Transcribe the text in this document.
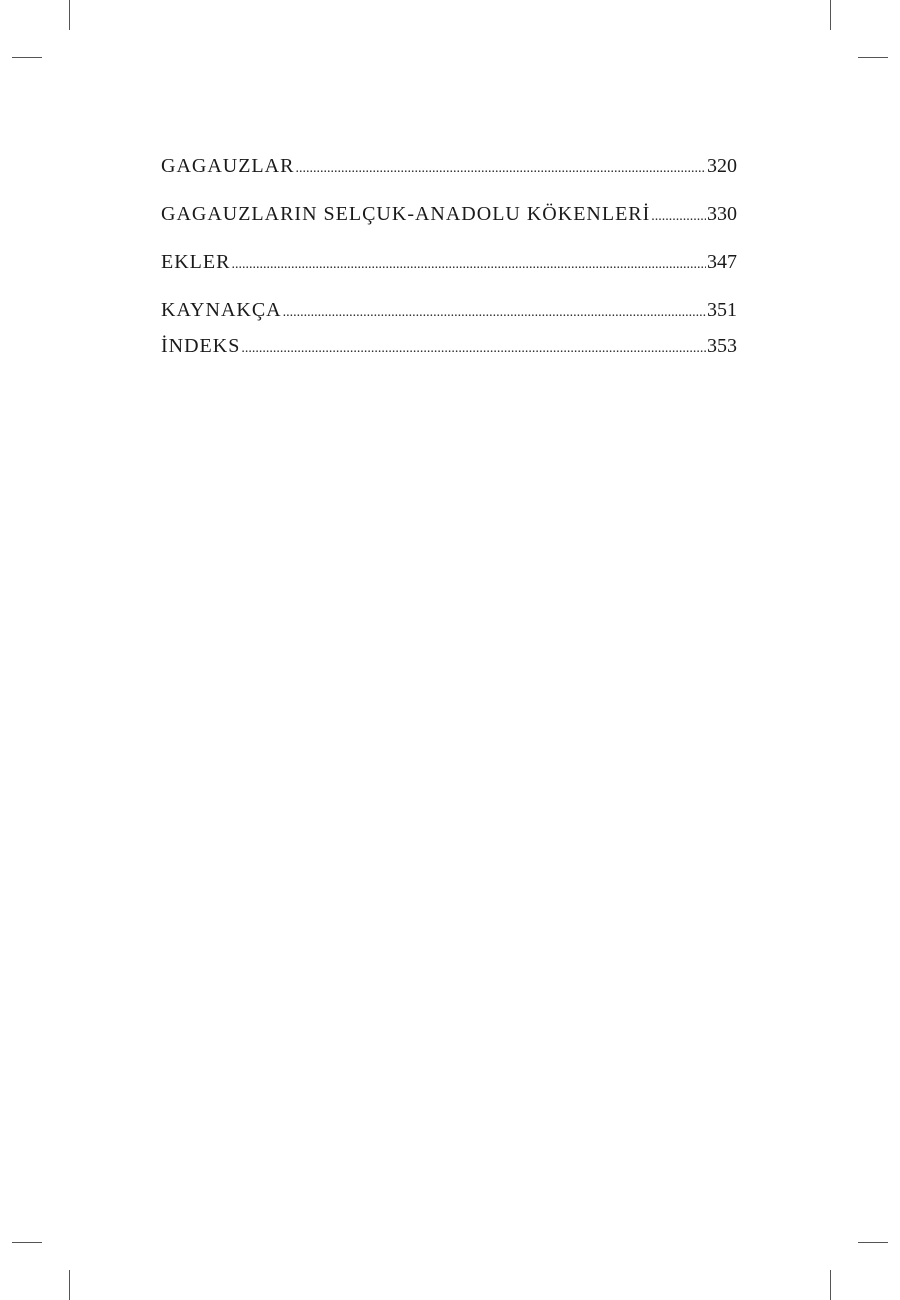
GAGAUZLAR .....	320
GAGAUZLARIN SELÇUK-ANADOLU KÖKENLERİ .....	330
EKLER .....	347
KAYNAKÇA .....	351
İNDEKS .....	353
